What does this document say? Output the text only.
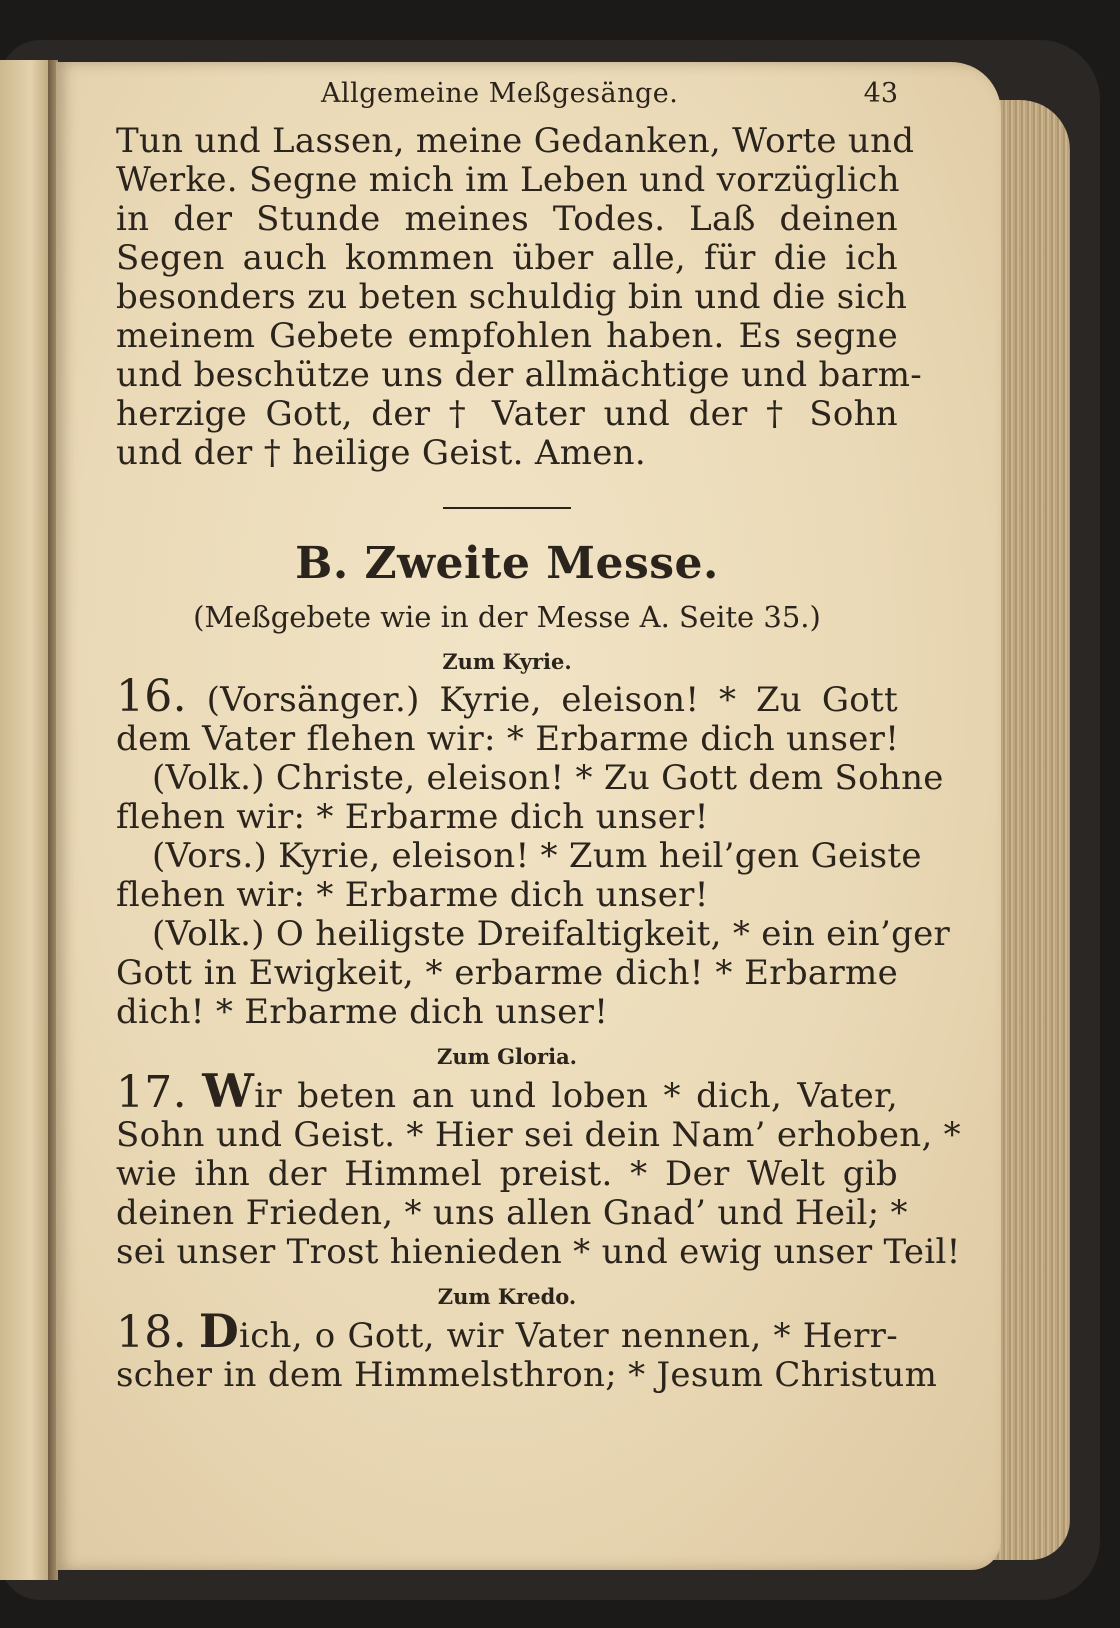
Allgemeine Meßgesänge.	43
Tun und Lassen, meine Gedanken, Worte und
Werke. Segne mich im Leben und vorzüglich
in der Stunde meines Todes. Laß deinen
Segen auch kommen über alle, für die ich
besonders zu beten schuldig bin und die sich
meinem Gebete empfohlen haben. Es segne
und beschütze uns der allmächtige und barm-
herzige Gott, der † Vater und der † Sohn
und der † heilige Geist. Amen.
B. Zweite Messe.
(Meßgebete wie in der Messe A. Seite 35.)
Zum Kyrie.
16. (Vorsänger.) Kyrie, eleison! * Zu Gott
dem Vater flehen wir: * Erbarme dich unser!
(Volk.) Christe, eleison! * Zu Gott dem Sohne
flehen wir: * Erbarme dich unser!
(Vors.) Kyrie, eleison! * Zum heil’gen Geiste
flehen wir: * Erbarme dich unser!
(Volk.) O heiligste Dreifaltigkeit, * ein ein’ger
Gott in Ewigkeit, * erbarme dich! * Erbarme
dich! * Erbarme dich unser!
Zum Gloria.
17. Wir beten an und loben * dich, Vater,
Sohn und Geist. * Hier sei dein Nam’ erhoben, *
wie ihn der Himmel preist. * Der Welt gib
deinen Frieden, * uns allen Gnad’ und Heil; *
sei unser Trost hienieden * und ewig unser Teil!
Zum Kredo.
18. Dich, o Gott, wir Vater nennen, * Herr-
scher in dem Himmelsthron; * Jesum Christum
